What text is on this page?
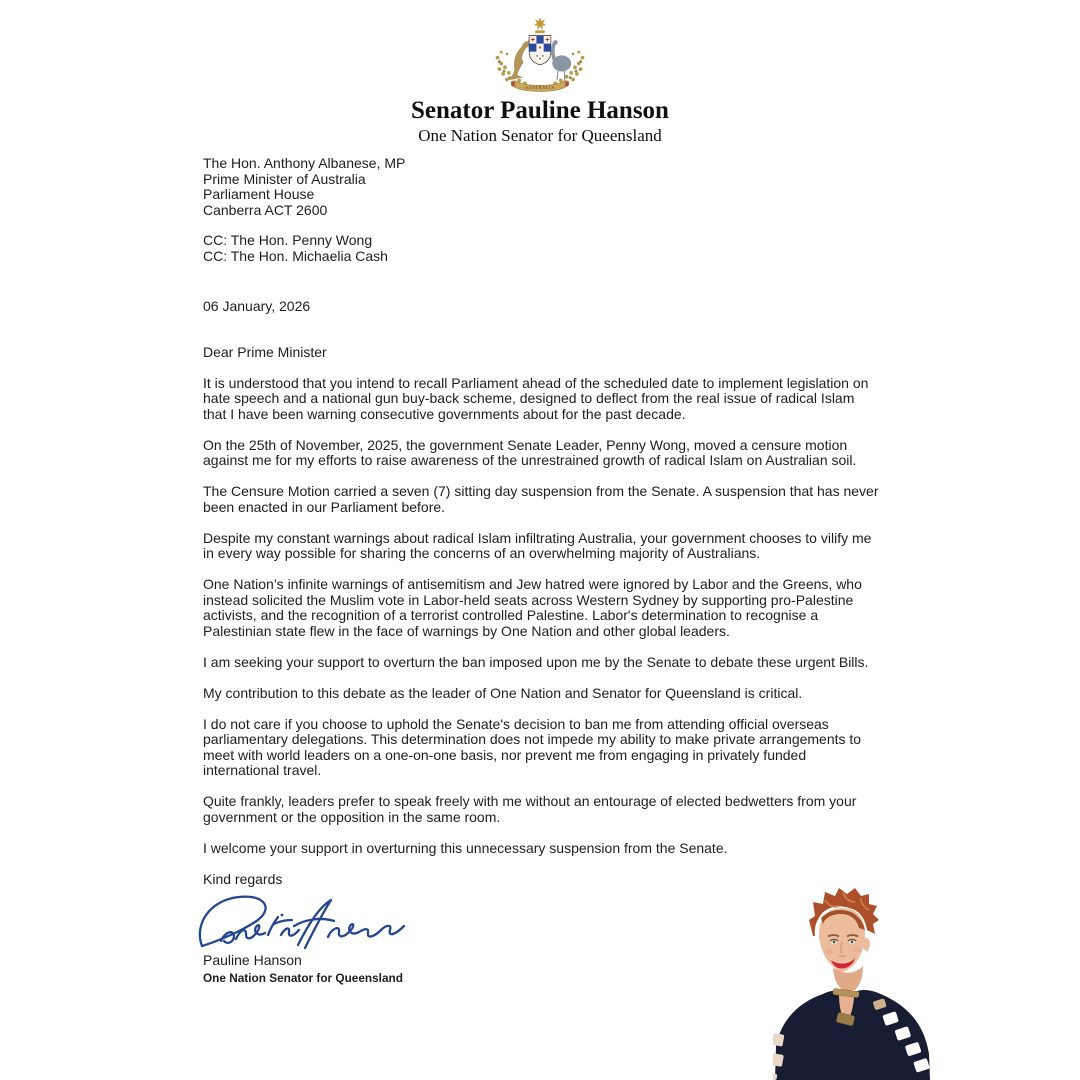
AUSTRALIA
Senator Pauline Hanson
One Nation Senator for Queensland
The Hon. Anthony Albanese, MP
Prime Minister of Australia
Parliament House
Canberra ACT 2600
CC: The Hon. Penny Wong
CC: The Hon. Michaelia Cash
06 January, 2026
Dear Prime Minister

It is understood that you intend to recall Parliament ahead of the scheduled date to implement legislation on hate speech and a national gun buy-back scheme, designed to deflect from the real issue of radical Islam that I have been warning consecutive governments about for the past decade.

On the 25th of November, 2025, the government Senate Leader, Penny Wong, moved a censure motion against me for my efforts to raise awareness of the unrestrained growth of radical Islam on Australian soil.

The Censure Motion carried a seven (7) sitting day suspension from the Senate. A suspension that has never been enacted in our Parliament before.

Despite my constant warnings about radical Islam infiltrating Australia, your government chooses to vilify me in every way possible for sharing the concerns of an overwhelming majority of Australians.

One Nation’s infinite warnings of antisemitism and Jew hatred were ignored by Labor and the Greens, who instead solicited the Muslim vote in Labor-held seats across Western Sydney by supporting pro-Palestine activists, and the recognition of a terrorist controlled Palestine. Labor's determination to recognise a Palestinian state flew in the face of warnings by One Nation and other global leaders.

I am seeking your support to overturn the ban imposed upon me by the Senate to debate these urgent Bills.

My contribution to this debate as the leader of One Nation and Senator for Queensland is critical.

I do not care if you choose to uphold the Senate's decision to ban me from attending official overseas parliamentary delegations. This determination does not impede my ability to make private arrangements to meet with world leaders on a one-on-one basis, nor prevent me from engaging in privately funded international travel.

Quite frankly, leaders prefer to speak freely with me without an entourage of elected bedwetters from your government or the opposition in the same room.

I welcome your support in overturning this unnecessary suspension from the Senate.

Kind regards
Pauline Hanson
One Nation Senator for Queensland
